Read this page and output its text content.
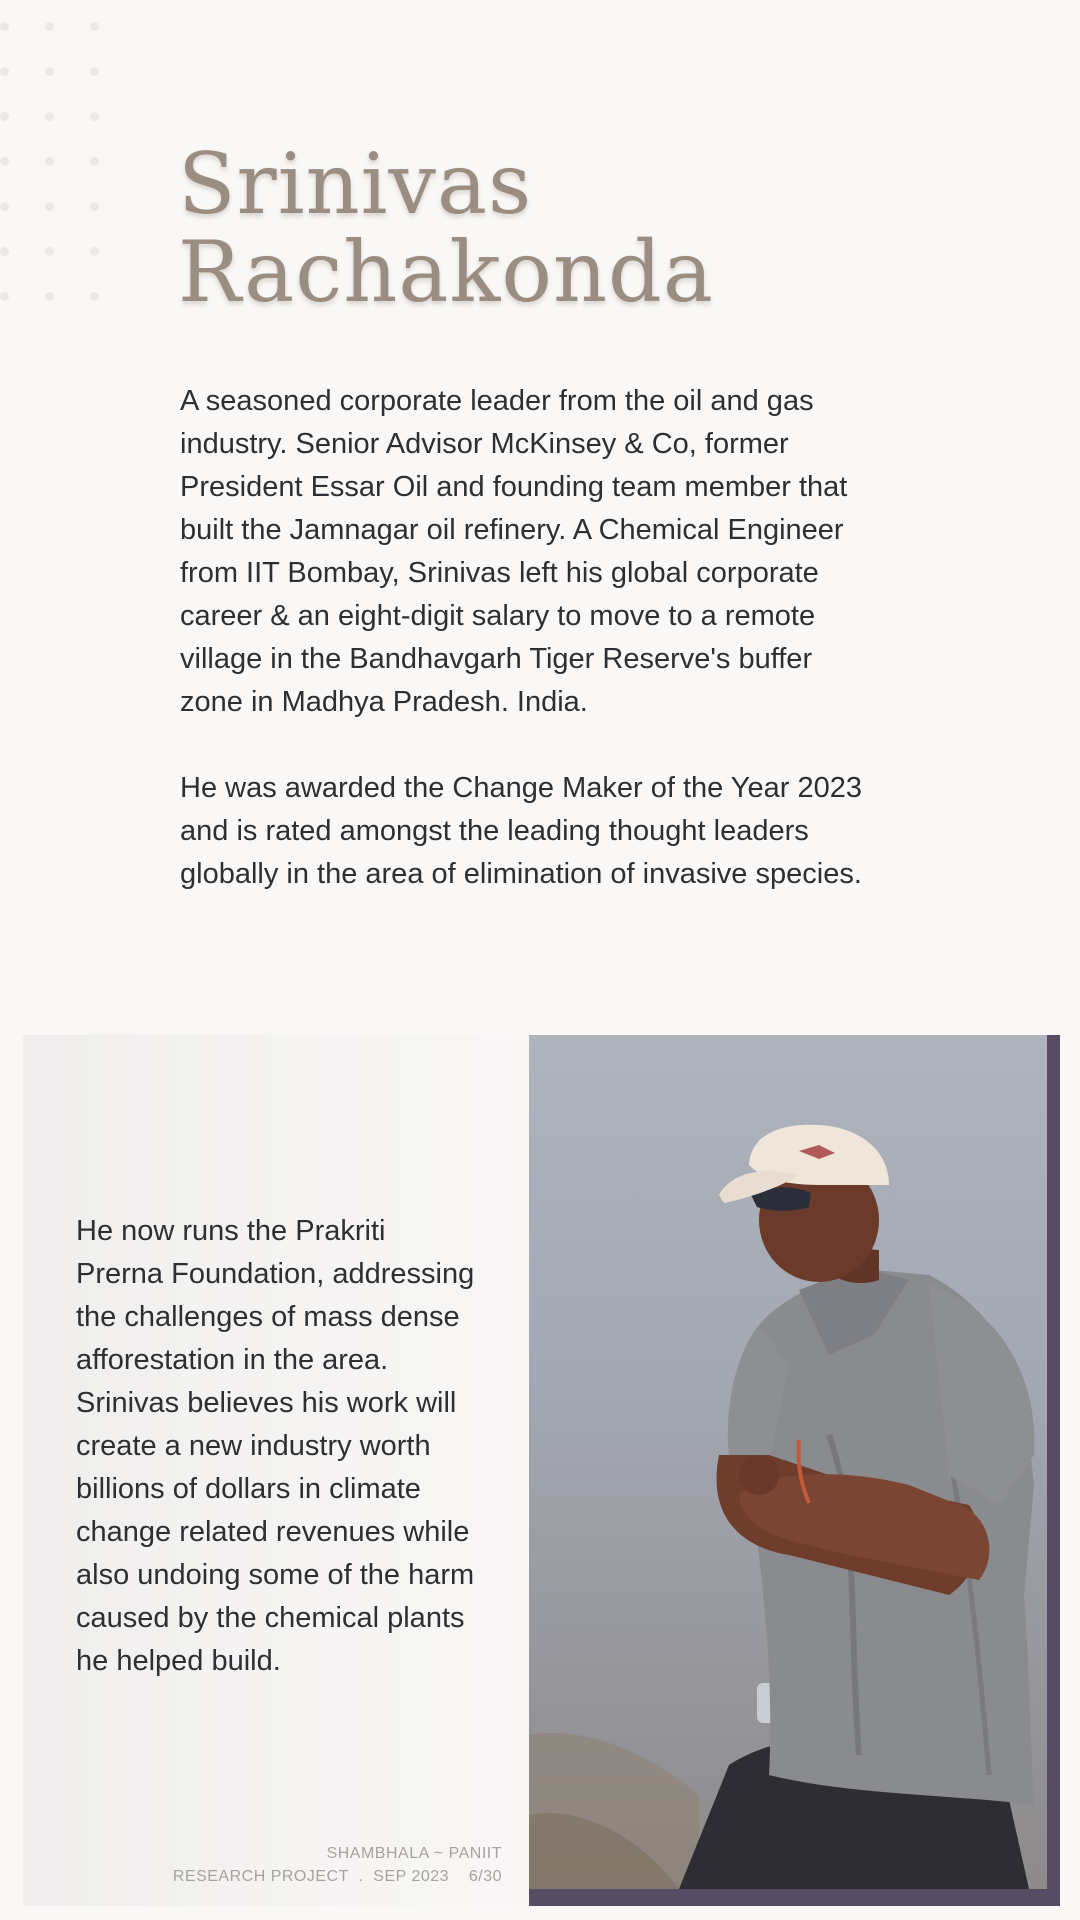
Srinivas
Rachakonda

A seasoned corporate leader from the oil and gas industry. Senior Advisor McKinsey & Co, former President Essar Oil and founding team member that built the Jamnagar oil refinery. A Chemical Engineer from IIT Bombay, Srinivas left his global corporate career & an eight-digit salary to move to a remote village in the Bandhavgarh Tiger Reserve's buffer zone in Madhya Pradesh. India.

He was awarded the Change Maker of the Year 2023 and is rated amongst the leading thought leaders globally in the area of elimination of invasive species.

He now runs the Prakriti Prerna Foundation, addressing the challenges of mass dense afforestation in the area. Srinivas believes his work will create a new industry worth billions of dollars in climate change related revenues while also undoing some of the harm caused by the chemical plants he helped build.

SHAMBHALA ~ PANIIT
RESEARCH PROJECT  .  SEP 2023    6/30
